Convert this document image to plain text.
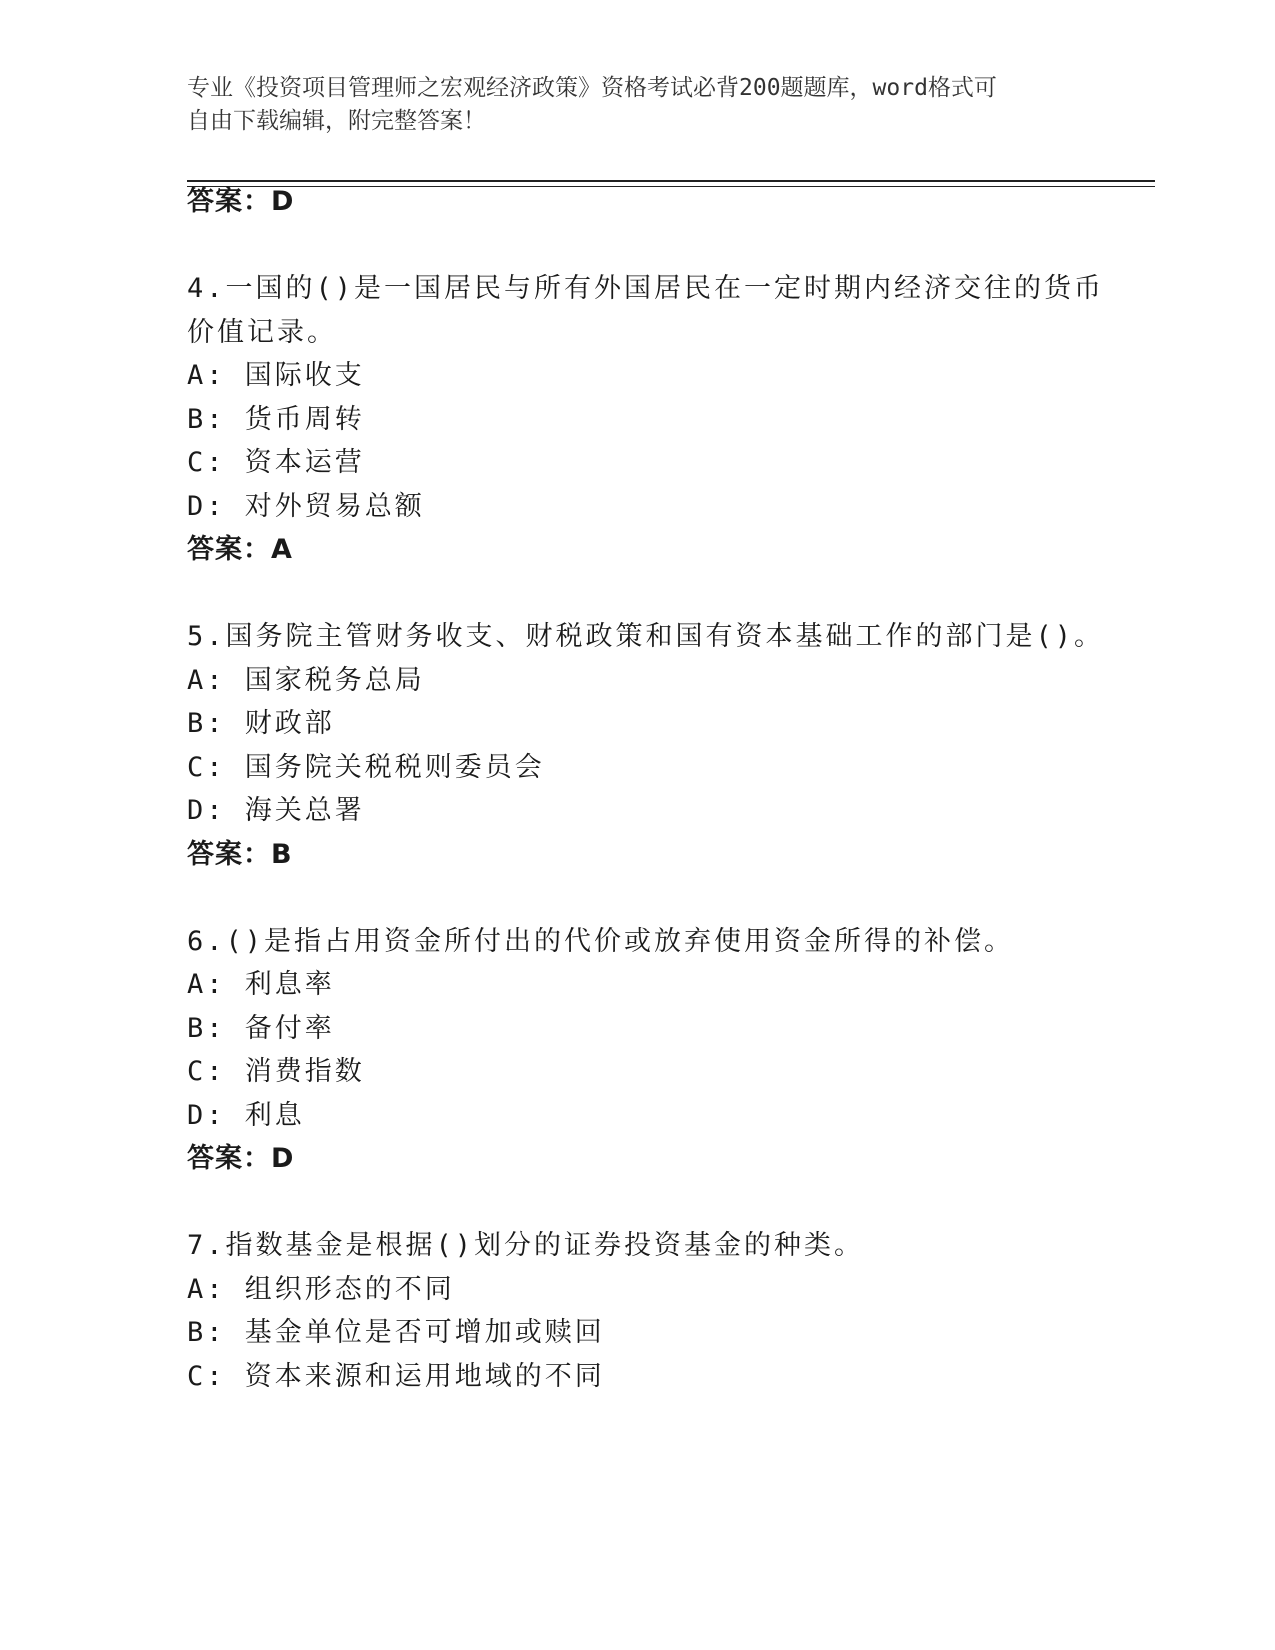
专业《投资项目管理师之宏观经济政策》资格考试必背200题题库，word格式可
自由下载编辑，附完整答案！
答案：D
4.一国的()是一国居民与所有外国居民在一定时期内经济交往的货币
价值记录。
A: 国际收支
B: 货币周转
C: 资本运营
D: 对外贸易总额
答案：A
5.国务院主管财务收支、财税政策和国有资本基础工作的部门是()。
A: 国家税务总局
B: 财政部
C: 国务院关税税则委员会
D: 海关总署
答案：B
6.()是指占用资金所付出的代价或放弃使用资金所得的补偿。
A: 利息率
B: 备付率
C: 消费指数
D: 利息
答案：D
7.指数基金是根据()划分的证券投资基金的种类。
A: 组织形态的不同
B: 基金单位是否可增加或赎回
C: 资本来源和运用地域的不同
